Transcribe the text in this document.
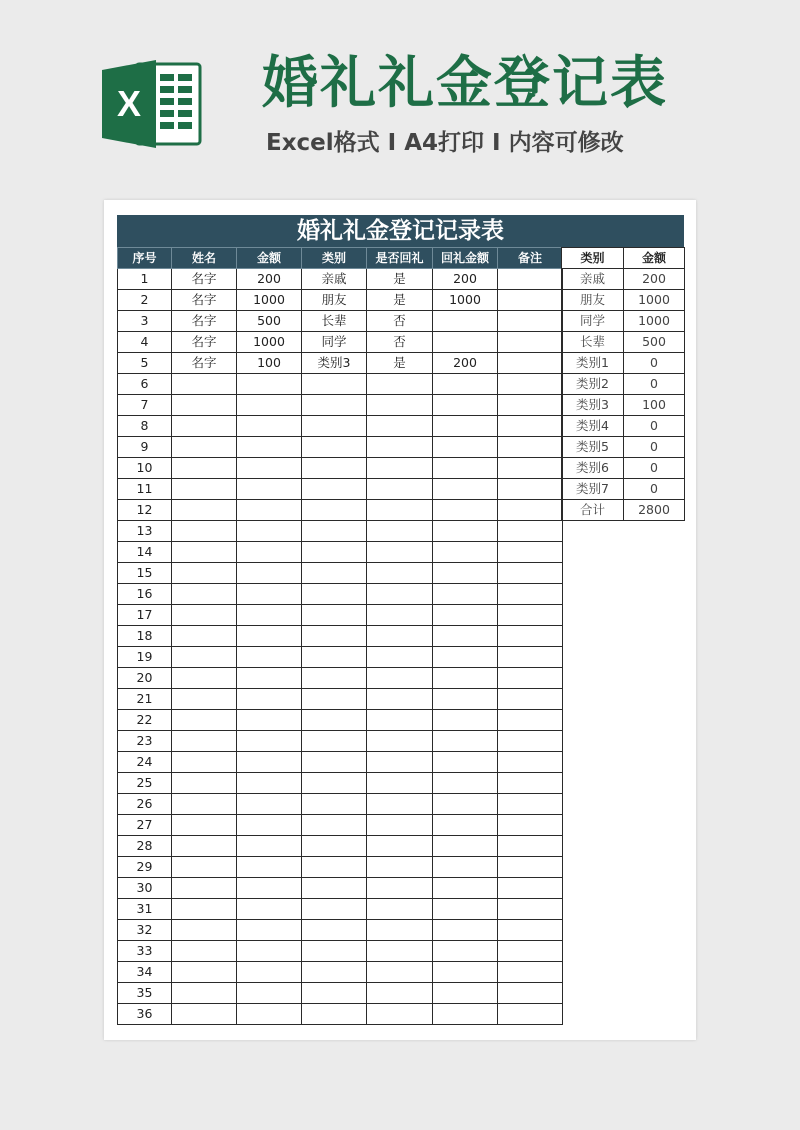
X 婚礼礼金登记表
Excel格式 I A4打印 I 内容可修改
婚礼礼金登记记录表
序号	姓名	金额	类别	是否回礼	回礼金额	备注
1	名字	200	亲戚	是	200	
2	名字	1000	朋友	是	1000	
3	名字	500	长辈	否		
4	名字	1000	同学	否		
5	名字	100	类别3	是	200	
6						
7						
8						
9						
10						
11						
12						
13						
14						
15						
16						
17						
18						
19						
20						
21						
22						
23						
24						
25						
26						
27						
28						
29						
30						
31						
32						
33						
34						
35						
36						
类别	金额
亲戚	200
朋友	1000
同学	1000
长辈	500
类别1	0
类别2	0
类别3	100
类别4	0
类别5	0
类别6	0
类别7	0
合计	2800
